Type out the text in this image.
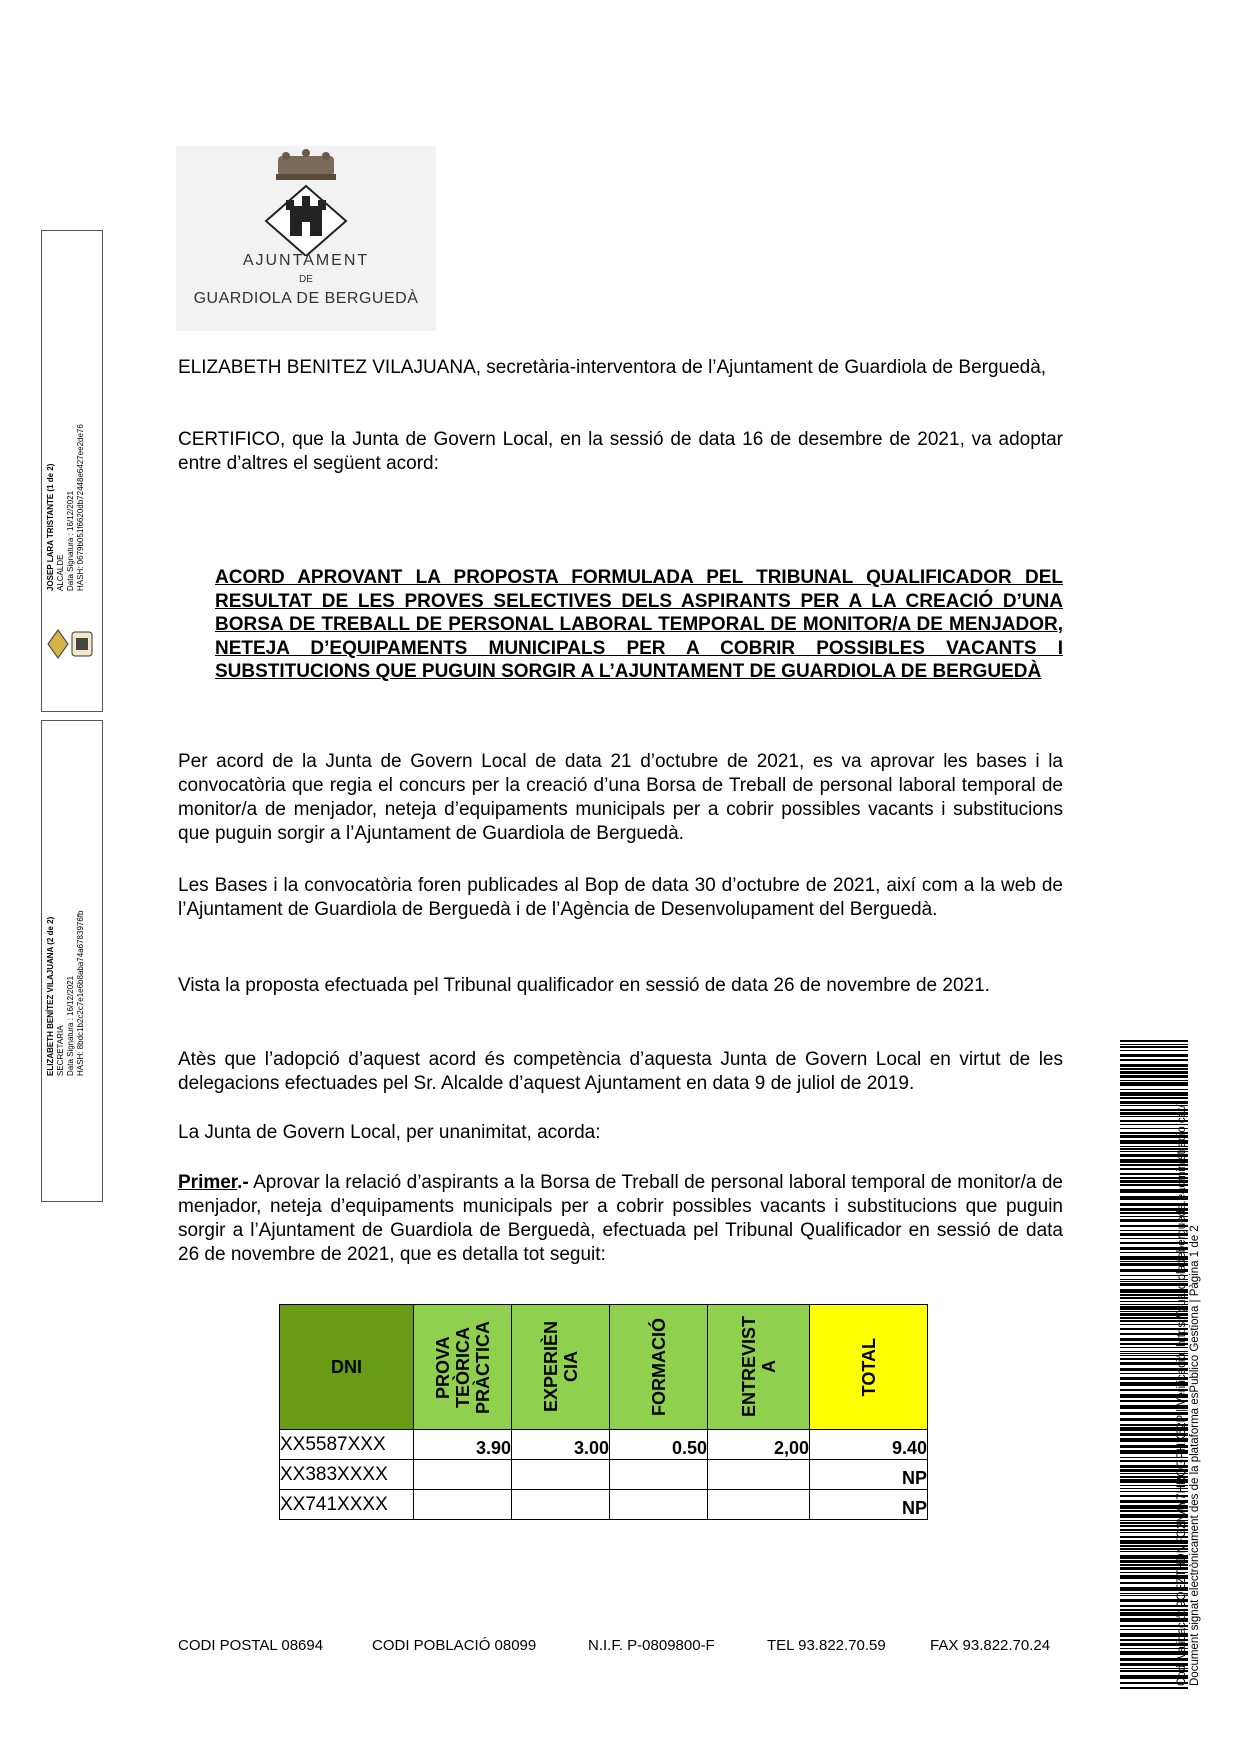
AJUNTAMENT
DE
GUARDIOLA DE BERGUEDÀ
JOSEP LARA TRISTANTE (1 de 2)
ALCALDE
Data Signatura : 16/12/2021
HASH: 0679b051f6620db72448e6427ee2de76
ELIZABETH BENÍTEZ VILAJUANA (2 de 2)
SECRETARIA
Data Signatura : 16/12/2021
HASH: 8bdc1b2c2c7e1e6b8aba74a6783976fb
ELIZABETH BENITEZ VILAJUANA, secretària-interventora de l’Ajuntament de Guardiola de Berguedà,
CERTIFICO, que la Junta de Govern Local, en la sessió de data 16 de desembre de 2021, va adoptar entre d’altres el següent acord:
ACORD APROVANT LA PROPOSTA FORMULADA PEL TRIBUNAL QUALIFICADOR DEL RESULTAT DE LES PROVES SELECTIVES DELS ASPIRANTS PER A LA CREACIÓ D’UNA BORSA DE TREBALL DE PERSONAL LABORAL TEMPORAL DE MONITOR/A DE MENJADOR, NETEJA D’EQUIPAMENTS MUNICIPALS PER A COBRIR POSSIBLES VACANTS I SUBSTITUCIONS QUE PUGUIN SORGIR A L’AJUNTAMENT DE GUARDIOLA DE BERGUEDÀ
Per acord de la Junta de Govern Local de data 21 d’octubre de 2021, es va aprovar les bases i la convocatòria que regia el concurs per la creació d’una Borsa de Treball de personal laboral temporal de monitor/a de menjador, neteja d’equipaments municipals per a cobrir possibles vacants i substitucions que puguin sorgir a l’Ajuntament de Guardiola de Berguedà.
Les Bases i la convocatòria foren publicades al Bop de data 30 d’octubre de 2021, així com a la web de l’Ajuntament de Guardiola de Berguedà i de l’Agència de Desenvolupament del Berguedà.
Vista la proposta efectuada pel Tribunal qualificador en sessió de data 26 de novembre de 2021.
Atès que l’adopció d’aquest acord és competència d’aquesta Junta de Govern Local en virtut de les delegacions efectuades pel Sr. Alcalde d’aquest Ajuntament en data 9 de juliol de 2019.
La Junta de Govern Local, per unanimitat, acorda:
Primer.- Aprovar la relació d’aspirants a la Borsa de Treball de personal laboral temporal de monitor/a de menjador, neteja d’equipaments municipals per a cobrir possibles vacants i substitucions que puguin sorgir a l’Ajuntament de Guardiola de Berguedà, efectuada pel Tribunal Qualificador en sessió de data 26 de novembre de 2021, que es detalla tot seguit:
DNI	PROVA
TEÒRICA
PRÀCTICA	EXPERIÈN
CIA	FORMACIÓ	ENTREVIST
A	TOTAL

XX5587XXX	3.90	3.00	0.50	2,00	9.40
XX383XXXX					NP
XX741XXXX					NP
CODI POSTAL 08694	CODI POBLACIÓ 08099	N.I.F. P-0809800-F	TEL 93.822.70.59	FAX 93.822.70.24	Codi Validació: 9QEZTHDNFG2NAY7HRQGPHX62P | Verificació: https://guardioladebergueda.eadministracio.cat/ Document signat electrònicament des de la plataforma esPublico Gestiona | Pàgina 1 de 2
